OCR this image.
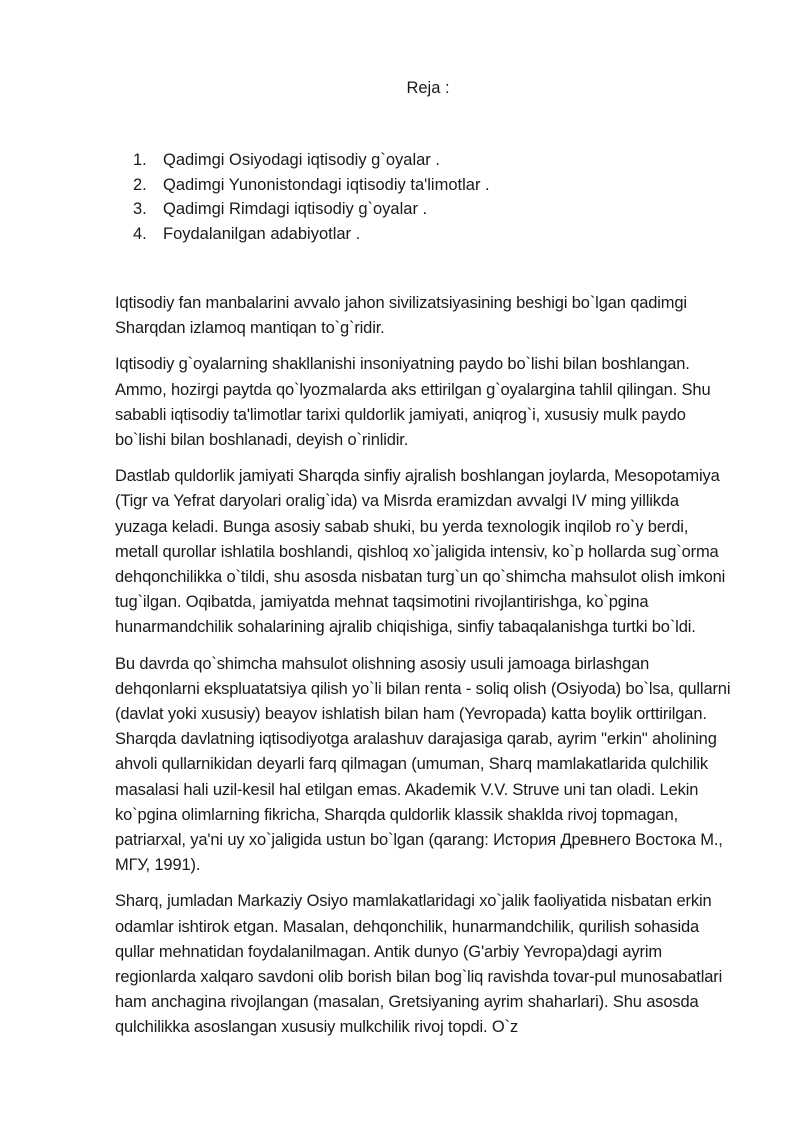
Reja :
1. Qadimgi Osiyodagi iqtisodiy g`oyalar .
2. Qadimgi Yunonistondagi iqtisodiy ta'limotlar .
3. Qadimgi Rimdagi iqtisodiy g`oyalar .
4. Foydalanilgan adabiyotlar .

Iqtisodiy fan manbalarini avvalo jahon sivilizatsiyasining beshigi bo`lgan qadimgi Sharqdan izlamoq mantiqan to`g`ridir.

Iqtisodiy g`oyalarning shakllanishi insoniyatning paydo bo`lishi bilan boshlangan. Ammo, hozirgi paytda qo`lyozmalarda aks ettirilgan g`oyalargina tahlil qilingan. Shu sababli iqtisodiy ta'limotlar tarixi quldorlik jamiyati, aniqrog`i, xususiy mulk paydo bo`lishi bilan boshlanadi, deyish o`rinlidir.

Dastlab quldorlik jamiyati Sharqda sinfiy ajralish boshlangan joylarda, Mesopotamiya (Tigr va Yefrat daryolari oralig`ida) va Misrda eramizdan avvalgi IV ming yillikda yuzaga keladi. Bunga asosiy sabab shuki, bu yerda texnologik inqilob ro`y berdi, metall qurollar ishlatila boshlandi, qishloq xo`jaligida intensiv, ko`p hollarda sug`orma dehqonchilikka o`tildi, shu asosda nisbatan turg`un qo`shimcha mahsulot olish imkoni tug`ilgan. Oqibatda, jamiyatda mehnat taqsimotini rivojlantirishga, ko`pgina hunarmandchilik sohalarining ajralib chiqishiga, sinfiy tabaqalanishga turtki bo`ldi.

Bu davrda qo`shimcha mahsulot olishning asosiy usuli jamoaga birlashgan dehqonlarni ekspluatatsiya qilish yo`li bilan renta - soliq olish (Osiyoda) bo`lsa, qullarni (davlat yoki xususiy) beayov ishlatish bilan ham (Yevropada) katta boylik orttirilgan. Sharqda davlatning iqtisodiyotga aralashuv darajasiga qarab, ayrim "erkin" aholining ahvoli qullarnikidan deyarli farq qilmagan (umuman, Sharq mamlakatlarida qulchilik masalasi hali uzil-kesil hal etilgan emas. Akademik V.V. Struve uni tan oladi. Lekin ko`pgina olimlarning fikricha, Sharqda quldorlik klassik shaklda rivoj topmagan, patriarxal, ya'ni uy xo`jaligida ustun bo`lgan (qarang: История Древнего Востока М., МГУ, 1991).

Sharq, jumladan Markaziy Osiyo mamlakatlaridagi xo`jalik faoliyatida nisbatan erkin odamlar ishtirok etgan. Masalan, dehqonchilik, hunarmandchilik, qurilish sohasida qullar mehnatidan foydalanilmagan. Antik dunyo (G'arbiy Yevropa)dagi ayrim regionlarda xalqaro savdoni olib borish bilan bog`liq ravishda tovar-pul munosabatlari ham anchagina rivojlangan (masalan, Gretsiyaning ayrim shaharlari). Shu asosda qulchilikka asoslangan xususiy mulkchilik rivoj topdi. O`z
